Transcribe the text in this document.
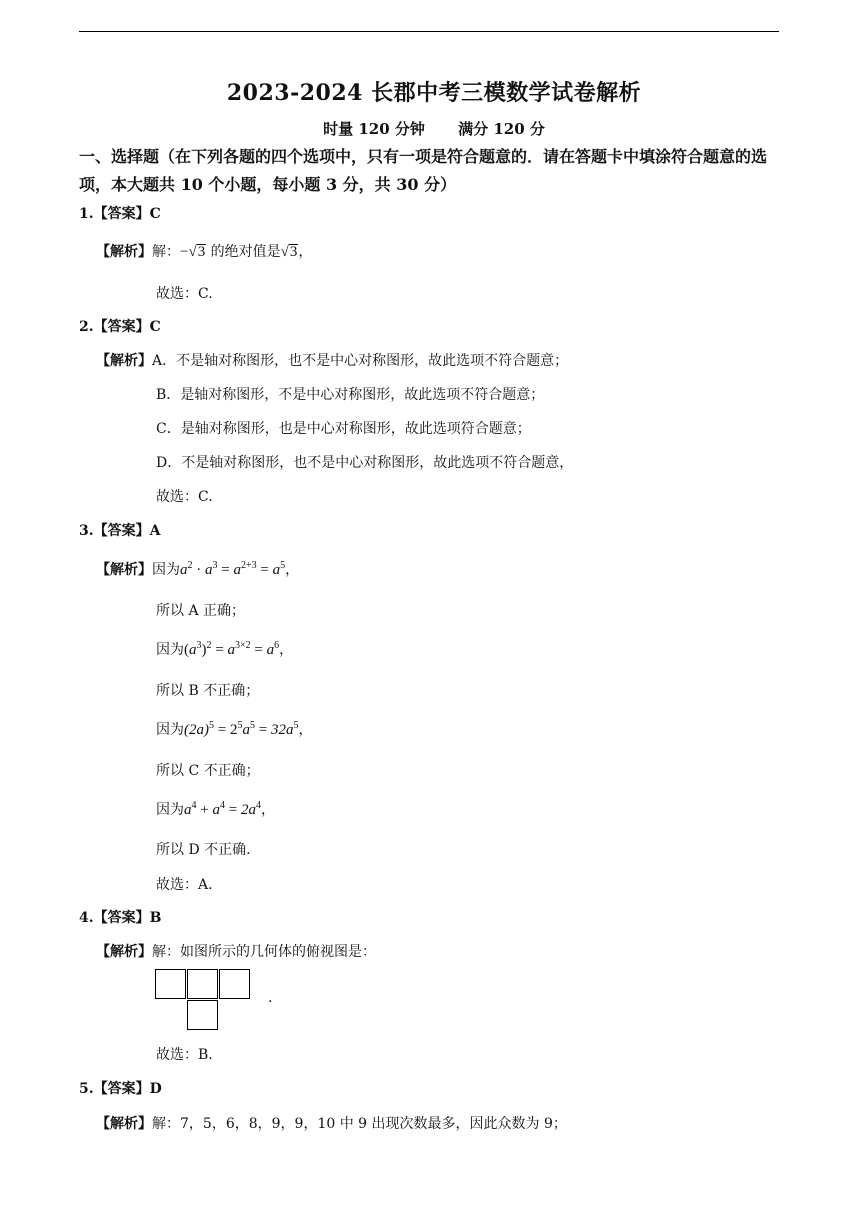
2023-2024 长郡中考三模数学试卷解析
时量 120 分钟 满分 120 分
一、选择题（在下列各题的四个选项中，只有一项是符合题意的．请在答题卡中填涂符合题意的选项，本大题共 10 个小题，每小题 3 分，共 30 分）
1.【答案】C
【解析】解：−√3 的绝对值是√3，
故选：C.
2.【答案】C
【解析】A．不是轴对称图形，也不是中心对称图形，故此选项不符合题意；
B．是轴对称图形，不是中心对称图形，故此选项不符合题意；
C．是轴对称图形，也是中心对称图形，故此选项符合题意；
D．不是轴对称图形，也不是中心对称图形，故此选项不符合题意，
故选：C.
3.【答案】A
【解析】因为$a^2 \cdot a^3 = a^{2+3} = a^5$，
所以 A 正确；
因为$(a^3)^2 = a^{3\times 2} = a^6$，
所以 B 不正确；
因为$(2a)^5 = 2^5a^5 = 32a^5$，
所以 C 不正确；
因为$a^4 + a^4 = 2a^4$，
所以 D 不正确.
故选：A.
4.【答案】B
【解析】解：如图所示的几何体的俯视图是：
.
故选：B.
5.【答案】D
【解析】解：7，5，6，8，9，9，10 中 9 出现次数最多，因此众数为 9；
